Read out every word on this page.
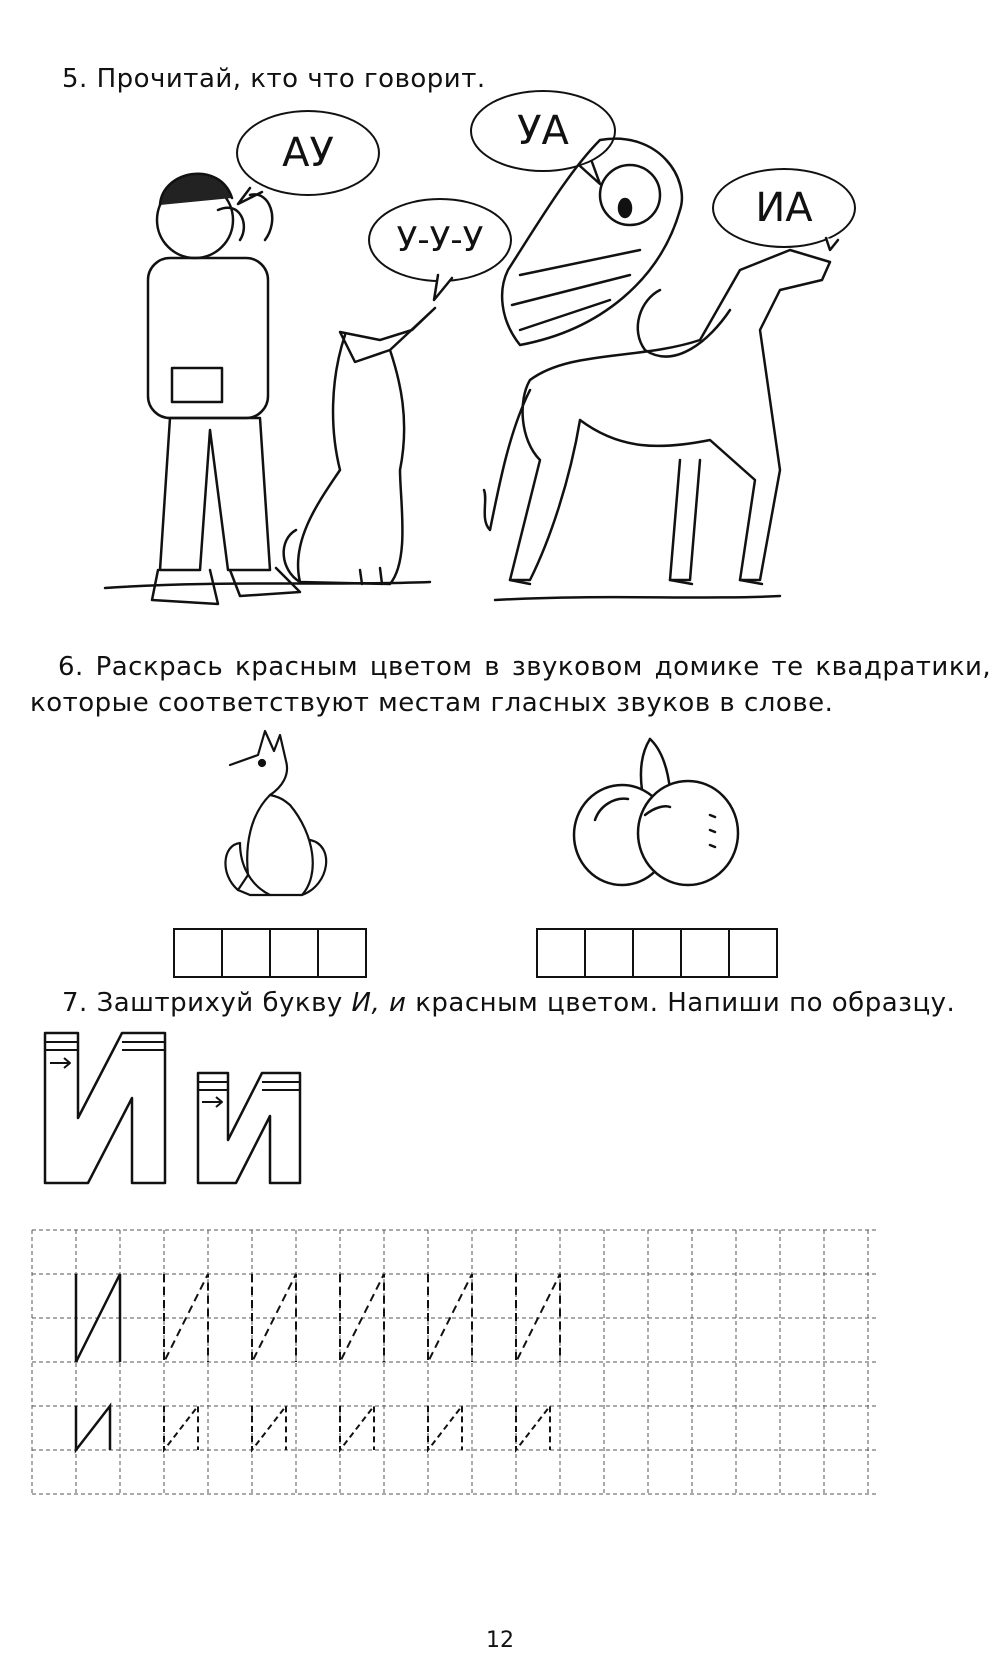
5. Прочитай, кто что говорит.
АУ
У-У-У
УА
ИА
6. Раскрась красным цветом в звуковом домике те квадратики,
которые соответствуют местам гласных звуков в слове.
7. Заштрихуй букву И, и красным цветом. Напиши по образцу.
12
